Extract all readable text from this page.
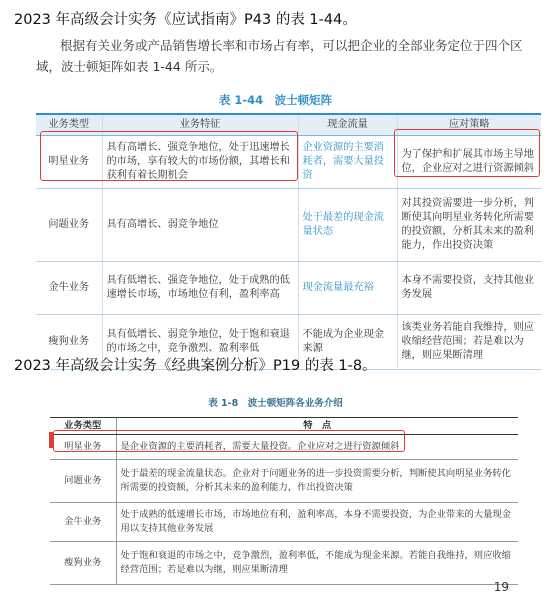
2023 年高级会计实务《应试指南》P43 的表 1-44。
根据有关业务或产品销售增长率和市场占有率，可以把企业的全部业务定位于四个区域，波士顿矩阵如表 1-44 所示。
表 1-44　波士顿矩阵
业务类型	业务特征	现金流量	应对策略
明星业务	具有高增长、强竞争地位，处于迅速增长的市场，享有较大的市场份额，其增长和获利有着长期机会	企业资源的主要消耗者，需要大量投资	为了保护和扩展其市场主导地位，企业应对之进行资源倾斜
问题业务	具有高增长、弱竞争地位	处于最差的现金流量状态	对其投资需要进一步分析，判断使其向明星业务转化所需要的投资额，分析其未来的盈利能力，作出投资决策
金牛业务	具有低增长、强竞争地位，处于成熟的低速增长市场，市场地位有利，盈利率高	现金流量最充裕	本身不需要投资，支持其他业务发展
瘦狗业务	具有低增长、弱竞争地位，处于饱和衰退的市场之中，竞争激烈、盈利率低	不能成为企业现金来源	该类业务若能自我维持，则应收缩经营范围；若是难以为继，则应果断清理
2023 年高级会计实务《经典案例分析》P19 的表 1-8。
表 1-8　波士顿矩阵各业务介绍
业务类型	特　点
明星业务	是企业资源的主要消耗者，需要大量投资。企业应对之进行资源倾斜
问题业务	处于最差的现金流量状态。企业对于问题业务的进一步投资需要分析，判断使其向明星业务转化所需要的投资额，分析其未来的盈利能力，作出投资决策
金牛业务	处于成熟的低速增长市场，市场地位有利，盈利率高，本身不需要投资，为企业带来的大量现金用以支持其他业务发展
瘦狗业务	处于饱和衰退的市场之中，竞争激烈，盈利率低，不能成为现金来源。若能自我维持，则应收缩经营范围；若是难以为继，则应果断清理
19
